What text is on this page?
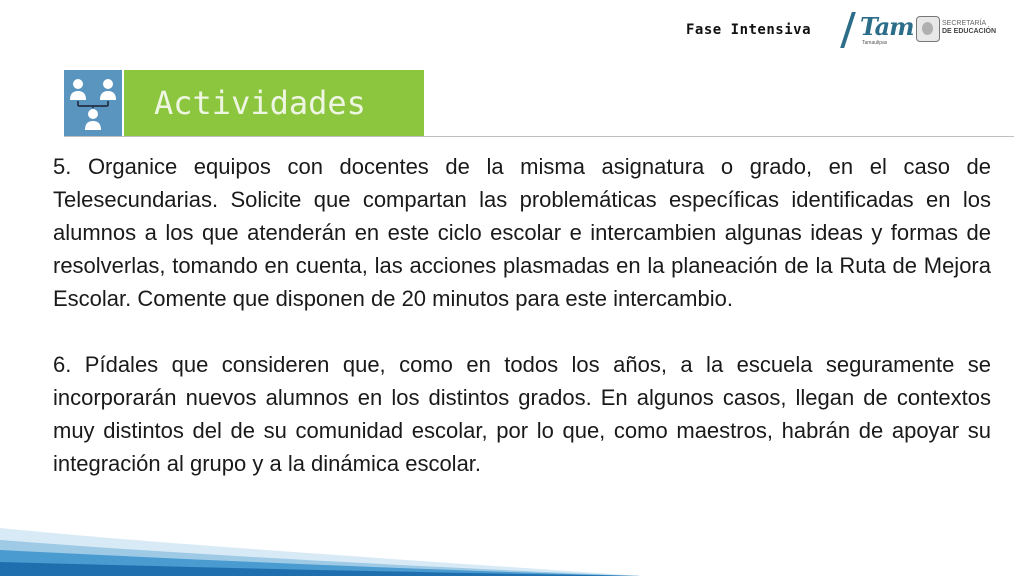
Fase Intensiva Tam
Tamaulipas
SECRETARÍA
DE EDUCACIÓN
Actividades

5. Organice equipos con docentes de la misma asignatura o grado, en el caso de Telesecundarias. Solicite que compartan las problemáticas específicas identificadas en los alumnos a los que atenderán en este ciclo escolar e intercambien algunas ideas y formas de resolverlas, tomando en cuenta, las acciones plasmadas en la planeación de la Ruta de Mejora Escolar. Comente que disponen de 20 minutos para este intercambio.

6. Pídales que consideren que, como en todos los años, a la escuela seguramente se incorporarán nuevos alumnos en los distintos grados. En algunos casos, llegan de contextos muy distintos del de su comunidad escolar, por lo que, como maestros, habrán de apoyar su integración al grupo y a la dinámica escolar.
